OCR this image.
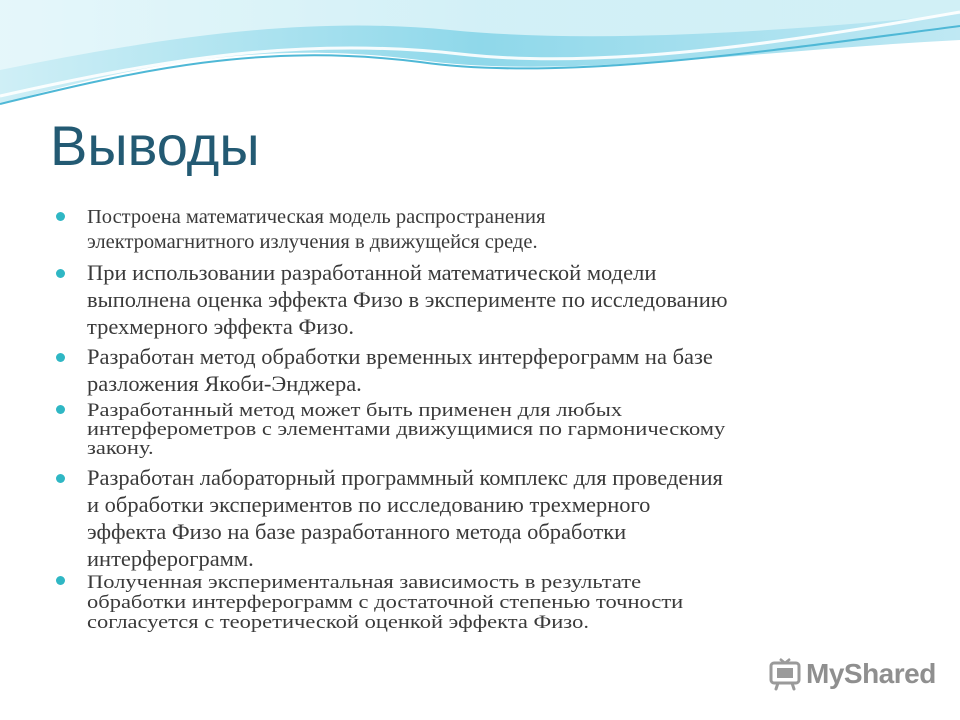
Выводы
Построена математическая модель распространения
электромагнитного излучения в движущейся среде.
При использовании разработанной математической модели
выполнена оценка эффекта Физо в эксперименте по исследованию
трехмерного эффекта Физо.
Разработан метод обработки временных интерферограмм на базе
разложения Якоби-Энджера.
Разработанный метод может быть применен для любых
интерферометров с элементами движущимися по гармоническому
закону.
Разработан лабораторный программный комплекс для проведения
и обработки экспериментов по исследованию трехмерного
эффекта Физо на базе разработанного метода обработки
интерферограмм.
Полученная экспериментальная зависимость в результате
обработки интерферограмм с достаточной степенью точности
согласуется с теоретической оценкой эффекта Физо.
MyShared
